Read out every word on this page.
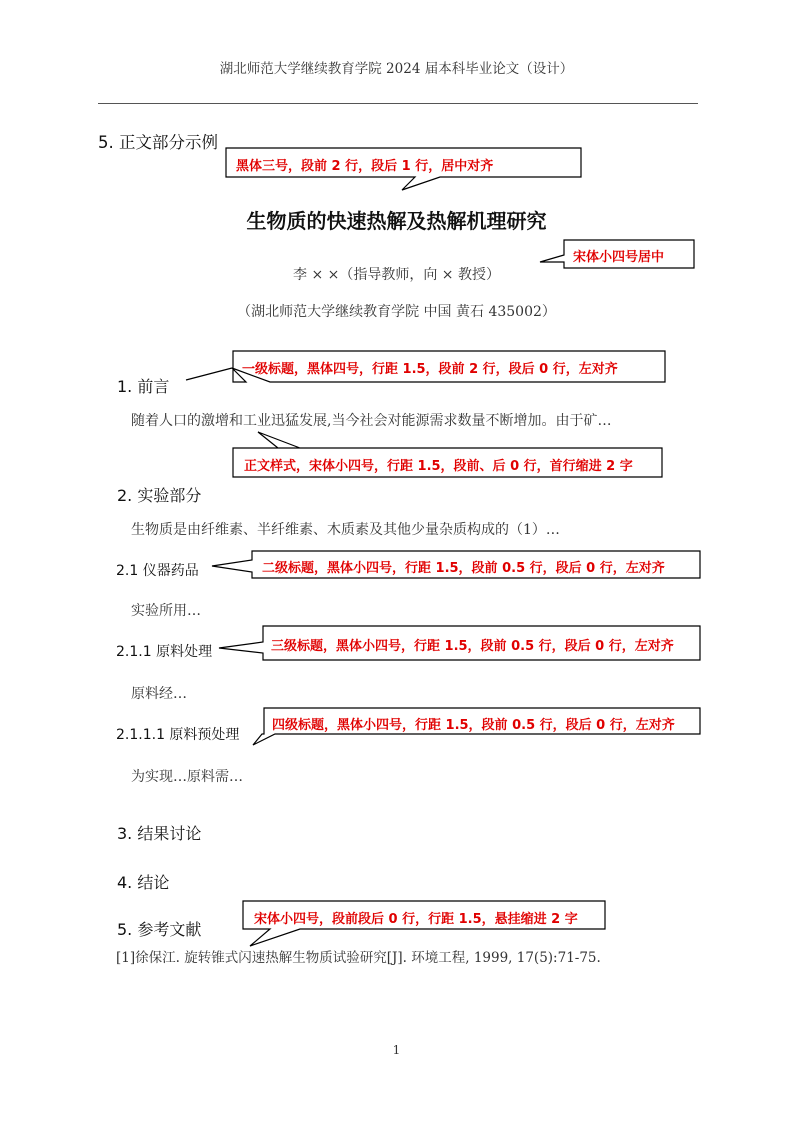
湖北师范大学继续教育学院 2024 届本科毕业论文（设计）
5. 正文部分示例
黑体三号，段前 2 行，段后 1 行，居中对齐
宋体小四号居中
一级标题，黑体四号，行距 1.5，段前 2 行，段后 0 行，左对齐
正文样式，宋体小四号，行距 1.5，段前、后 0 行，首行缩进 2 字
二级标题，黑体小四号，行距 1.5，段前 0.5 行，段后 0 行，左对齐
三级标题，黑体小四号，行距 1.5，段前 0.5 行，段后 0 行，左对齐
四级标题，黑体小四号，行距 1.5，段前 0.5 行，段后 0 行，左对齐
宋体小四号，段前段后 0 行，行距 1.5，悬挂缩进 2 字
生物质的快速热解及热解机理研究
李 × ×（指导教师，向 × 教授）
（湖北师范大学继续教育学院 中国 黄石 435002）
1. 前言
随着人口的激增和工业迅猛发展,当今社会对能源需求数量不断增加。由于矿…
2. 实验部分
生物质是由纤维素、半纤维素、木质素及其他少量杂质构成的（1）…
2.1 仪器药品
实验所用…
2.1.1 原料处理
原料经…
2.1.1.1 原料预处理
为实现…原料需…
3. 结果讨论
4. 结论
5. 参考文献
[1]徐保江. 旋转锥式闪速热解生物质试验研究[J]. 环境工程, 1999, 17(5):71-75.
1
